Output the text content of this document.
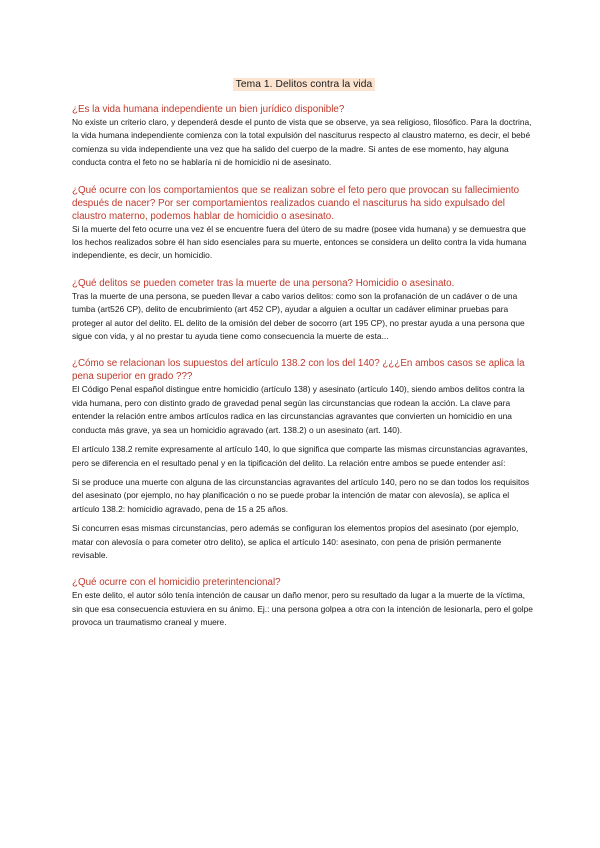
Tema 1. Delitos contra la vida

¿Es la vida humana independiente un bien jurídico disponible?

No existe un criterio claro, y dependerá desde el punto de vista que se observe, ya sea religioso, filosófico. Para la doctrina, la vida humana independiente comienza con la total expulsión del nasciturus respecto al claustro materno, es decir, el bebé comienza su vida independiente una vez que ha salido del cuerpo de la madre. Si antes de ese momento, hay alguna conducta contra el feto no se hablaría ni de homicidio ni de asesinato.

¿Qué ocurre con los comportamientos que se realizan sobre el feto pero que provocan su fallecimiento después de nacer? Por ser comportamientos realizados cuando el nasciturus ha sido expulsado del claustro materno, podemos hablar de homicidio o asesinato.

Si la muerte del feto ocurre una vez él se encuentre fuera del útero de su madre (posee vida humana) y se demuestra que los hechos realizados sobre él han sido esenciales para su muerte, entonces se considera un delito contra la vida humana independiente, es decir, un homicidio.

¿Qué delitos se pueden cometer tras la muerte de una persona? Homicidio o asesinato.

Tras la muerte de una persona, se pueden llevar a cabo varios delitos: como son la profanación de un cadáver o de una tumba (art526 CP), delito de encubrimiento (art 452 CP), ayudar a alguien a ocultar un cadáver eliminar pruebas para proteger al autor del delito. EL delito de la omisión del deber de socorro (art 195 CP), no prestar ayuda a una persona que sigue con vida, y al no prestar tu ayuda tiene como consecuencia la muerte de esta...

¿Cómo se relacionan los supuestos del artículo 138.2 con los del 140? ¿¿¿En ambos casos se aplica la pena superior en grado ???

El Código Penal español distingue entre homicidio (artículo 138) y asesinato (artículo 140), siendo ambos delitos contra la vida humana, pero con distinto grado de gravedad penal según las circunstancias que rodean la acción. La clave para entender la relación entre ambos artículos radica en las circunstancias agravantes que convierten un homicidio en una conducta más grave, ya sea un homicidio agravado (art. 138.2) o un asesinato (art. 140).

El artículo 138.2 remite expresamente al artículo 140, lo que significa que comparte las mismas circunstancias agravantes, pero se diferencia en el resultado penal y en la tipificación del delito. La relación entre ambos se puede entender así:

Si se produce una muerte con alguna de las circunstancias agravantes del artículo 140, pero no se dan todos los requisitos del asesinato (por ejemplo, no hay planificación o no se puede probar la intención de matar con alevosía), se aplica el artículo 138.2: homicidio agravado, pena de 15 a 25 años.

Si concurren esas mismas circunstancias, pero además se configuran los elementos propios del asesinato (por ejemplo, matar con alevosía o para cometer otro delito), se aplica el artículo 140: asesinato, con pena de prisión permanente revisable.

¿Qué ocurre con el homicidio preterintencional?

En este delito, el autor sólo tenía intención de causar un daño menor, pero su resultado da lugar a la muerte de la víctima, sin que esa consecuencia estuviera en su ánimo. Ej.: una persona golpea a otra con la intención de lesionarla, pero el golpe provoca un traumatismo craneal y muere.
